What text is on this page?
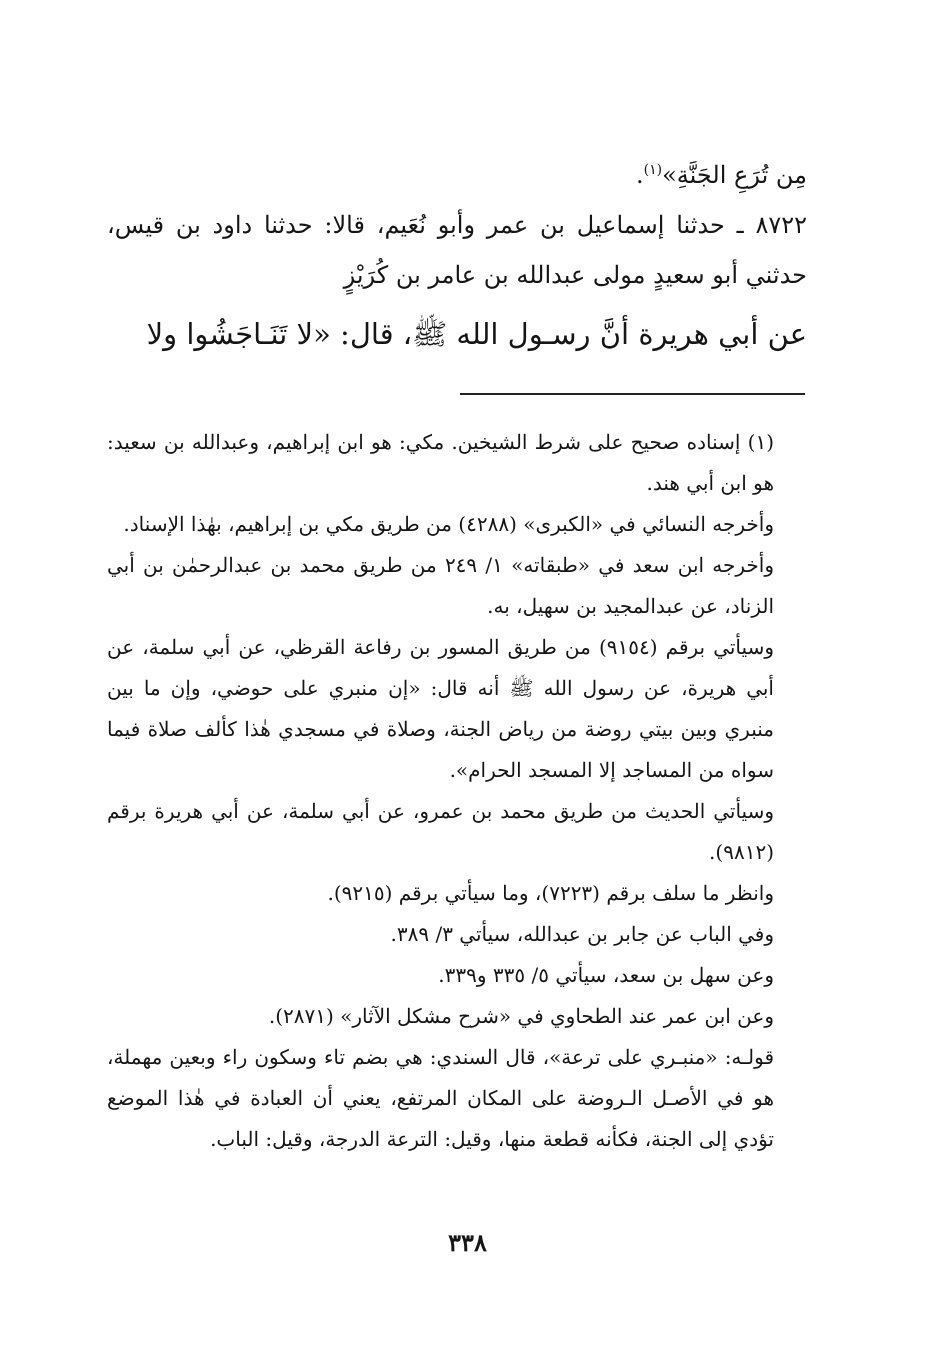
مِن تُرَعِ الجَنَّةِ»$^{(١)}$.

٨٧٢٢ ـ حدثنا إسماعيل بن عمر وأبو نُعَيم، قالا: حدثنا داود بن قيس، حدثني أبو سعيدٍ مولى عبدالله بن عامر بن كُرَيْزٍ

عن أبي هريرة أنَّ رسـول الله ﷺ، قال: «لا تَنَـاجَشُوا ولا

(١) إسناده صحيح على شرط الشيخين. مكي: هو ابن إبراهيم، وعبدالله بن سعيد: هو ابن أبي هند.

وأخرجه النسائي في «الكبرى» (٤٢٨٨) من طريق مكي بن إبراهيم، بهٰذا الإسناد.

وأخرجه ابن سعد في «طبقاته» ١/ ٢٤٩ من طريق محمد بن عبدالرحمٰن بن أبي الزناد، عن عبدالمجيد بن سهيل، به.

وسيأتي برقم (٩١٥٤) من طريق المسور بن رفاعة القرظي، عن أبي سلمة، عن أبي هريرة، عن رسول الله ﷺ أنه قال: «إن منبري على حوضي، وإن ما بين منبري وبين بيتي روضة من رياض الجنة، وصلاة في مسجدي هٰذا كألف صلاة فيما سواه من المساجد إلا المسجد الحرام».

وسيأتي الحديث من طريق محمد بن عمرو، عن أبي سلمة، عن أبي هريرة برقم (٩٨١٢).

وانظر ما سلف برقم (٧٢٢٣)، وما سيأتي برقم (٩٢١٥).

وفي الباب عن جابر بن عبدالله، سيأتي ٣/ ٣٨٩.

وعن سهل بن سعد، سيأتي ٥/ ٣٣٥ و٣٣٩.

وعن ابن عمر عند الطحاوي في «شرح مشكل الآثار» (٢٨٧١).

قولـه: «منبـري على ترعة»، قال السندي: هي بضم تاء وسكون راء وبعين مهملة، هو في الأصـل الـروضة على المكان المرتفع، يعني أن العبادة في هٰذا الموضع تؤدي إلى الجنة، فكأنه قطعة منها، وقيل: الترعة الدرجة، وقيل: الباب.

٣٣٨
